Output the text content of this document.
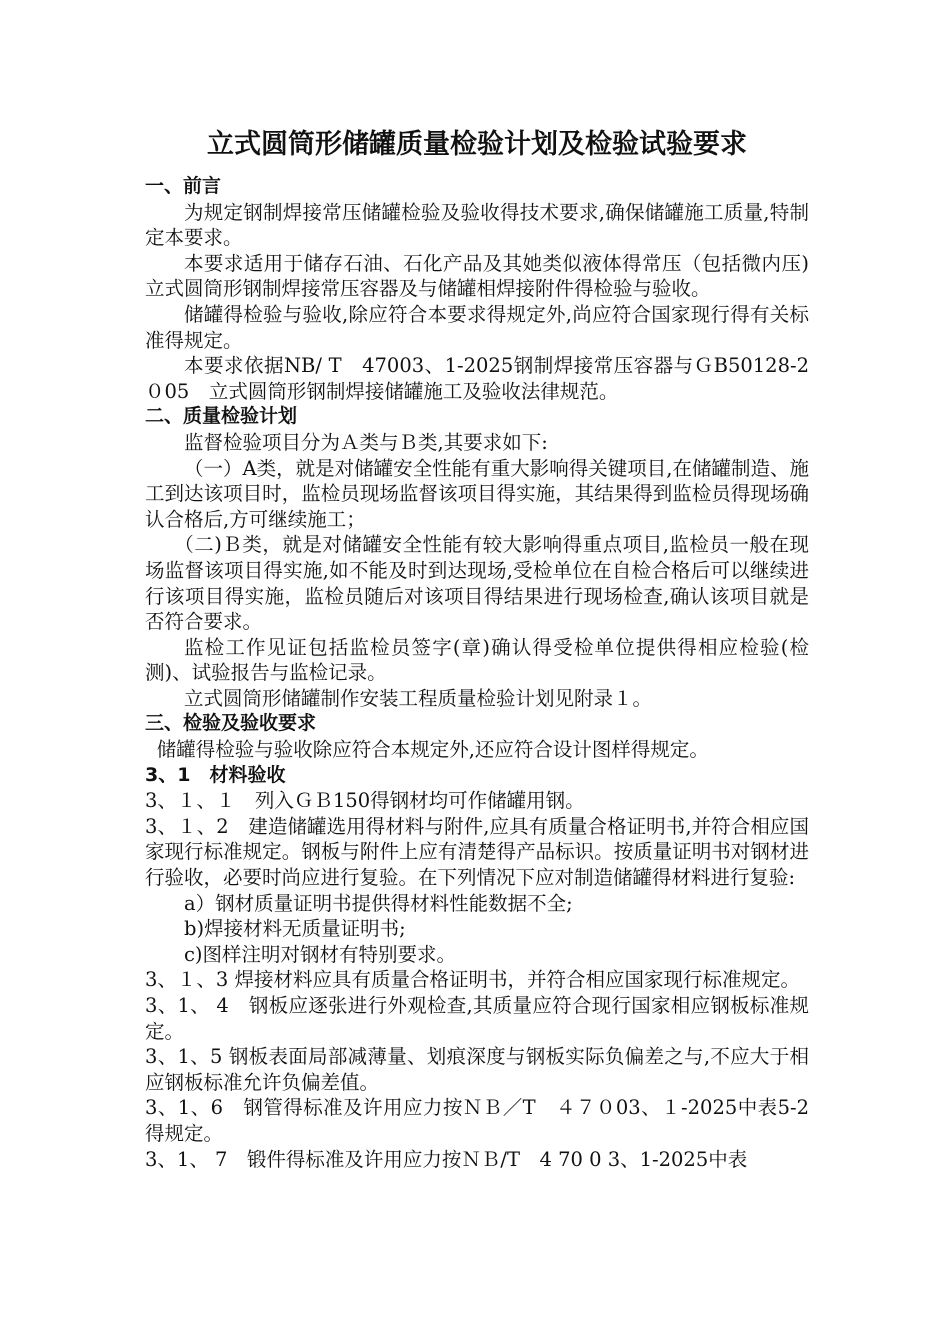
立式圆筒形储罐质量检验计划及检验试验要求
一、前言

为规定钢制焊接常压储罐检验及验收得技术要求,确保储罐施工质量,特制定本要求。

本要求适用于储存石油、石化产品及其她类似液体得常压（包括微内压)立式圆筒形钢制焊接常压容器及与储罐相焊接附件得检验与验收。

储罐得检验与验收,除应符合本要求得规定外,尚应符合国家现行得有关标准得规定。

本要求依据NB/ T　47003、1-2025钢制焊接常压容器与ＧB50128-2０05　立式圆筒形钢制焊接储罐施工及验收法律规范。

二、质量检验计划

监督检验项目分为Ａ类与Ｂ类,其要求如下:

（一）A类，就是对储罐安全性能有重大影响得关键项目,在储罐制造、施工到达该项目时，监检员现场监督该项目得实施，其结果得到监检员得现场确认合格后,方可继续施工；

（二)Ｂ类，就是对储罐安全性能有较大影响得重点项目,监检员一般在现场监督该项目得实施,如不能及时到达现场,受检单位在自检合格后可以继续进行该项目得实施，监检员随后对该项目得结果进行现场检查,确认该项目就是否符合要求。

监检工作见证包括监检员签字(章)确认得受检单位提供得相应检验(检测)、试验报告与监检记录。

立式圆筒形储罐制作安装工程质量检验计划见附录１。

三、检验及验收要求

储罐得检验与验收除应符合本规定外,还应符合设计图样得规定。

3、1　材料验收

3、１、１　列入ＧＢ150得钢材均可作储罐用钢。

3、１、2　建造储罐选用得材料与附件,应具有质量合格证明书,并符合相应国家现行标准规定。钢板与附件上应有清楚得产品标识。按质量证明书对钢材进行验收，必要时尚应进行复验。在下列情况下应对制造储罐得材料进行复验:

a）钢材质量证明书提供得材料性能数据不全;

b)焊接材料无质量证明书;

c)图样注明对钢材有特别要求。

3、１、3 焊接材料应具有质量合格证明书，并符合相应国家现行标准规定。

3、1、 4　钢板应逐张进行外观检查,其质量应符合现行国家相应钢板标准规定。

3、1、5 钢板表面局部减薄量、划痕深度与钢板实际负偏差之与,不应大于相应钢板标准允许负偏差值。

3、1、6　钢管得标准及许用应力按ＮＢ／T　４７０03、１-2025中表5-2得规定。

3、1、 7　锻件得标准及许用应力按ＮＢ/T　4 70 0 3、1-2025中表
